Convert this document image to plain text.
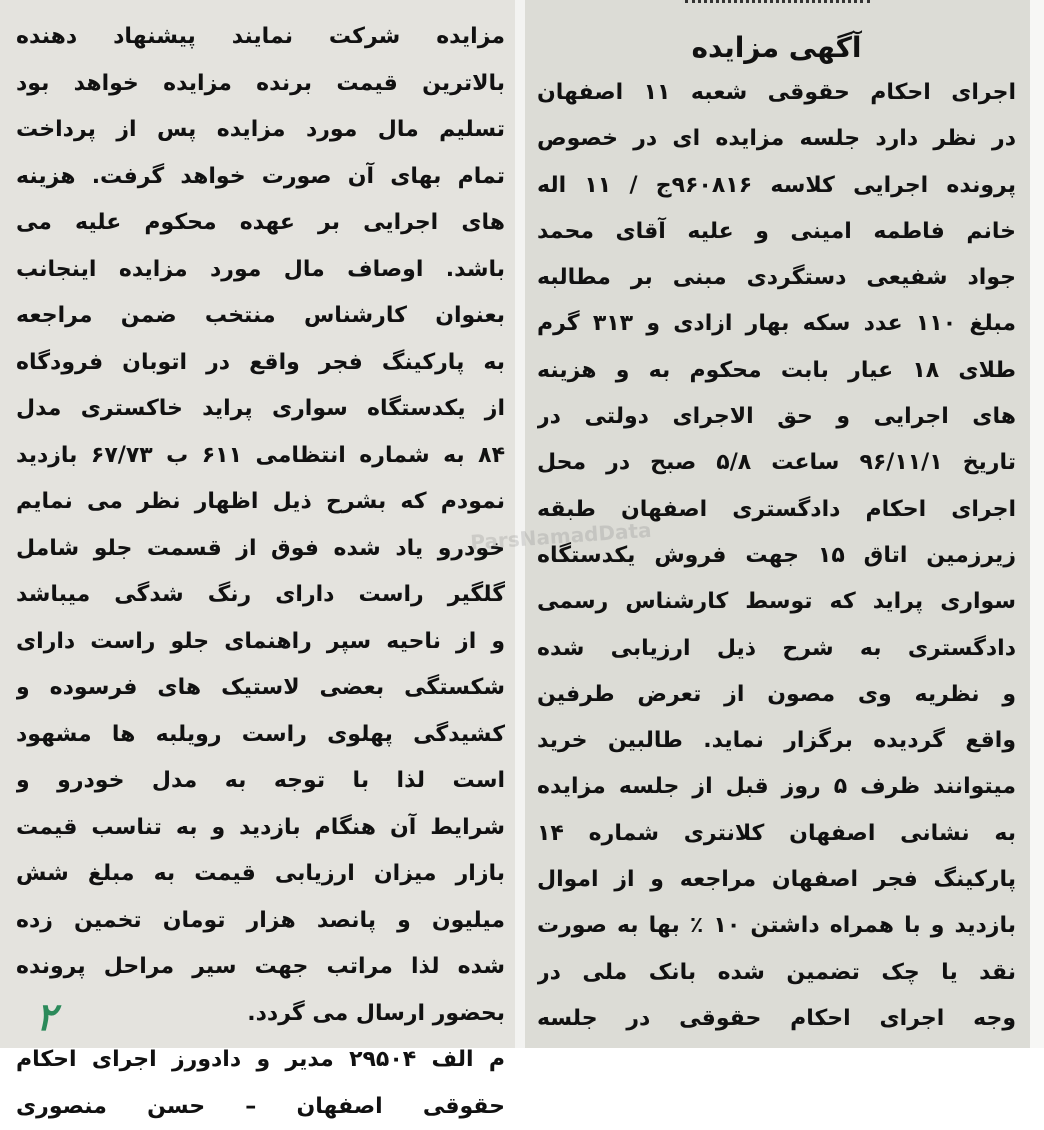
مزایده شرکت نمایند پیشنهاد دهنده
بالاترین قیمت برنده مزایده خواهد بود
تسلیم مال مورد مزایده پس از پرداخت
تمام بهای آن صورت خواهد گرفت. هزینه
های اجرایی بر عهده محکوم علیه می
باشد. اوصاف مال مورد مزایده اینجانب
بعنوان کارشناس منتخب ضمن مراجعه
به پارکینگ فجر واقع در اتوبان فرودگاه
از یکدستگاه سواری پراید خاکستری مدل
۸۴ به شماره انتظامی ۶۱۱ ب ۶۷/۷۳ بازدید
نمودم که بشرح ذیل اظهار نظر می نمایم
خودرو یاد شده فوق از قسمت جلو شامل
گلگیر راست دارای رنگ شدگی میباشد
و از ناحیه سپر راهنمای جلو راست دارای
شکستگی بعضی لاستیک های فرسوده و
کشیدگی پهلوی راست رویلبه ها مشهود
است لذا با توجه به مدل خودرو و
شرایط آن هنگام بازدید و به تناسب قیمت
بازار میزان ارزیابی قیمت به مبلغ شش
میلیون و پانصد هزار تومان تخمین زده
شده لذا مراتب جهت سیر مراحل پرونده
بحضور ارسال می گردد.
م الف ۲۹۵۰۴ مدیر و دادورز اجرای احکام
حقوقی اصفهان – حسن منصوری
آگهی مزایده
اجرای احکام حقوقی شعبه ۱۱ اصفهان
در نظر دارد جلسه مزایده ای در خصوص
پرونده اجرایی کلاسه ۹۶۰۸۱۶ج / ۱۱ اله
خانم فاطمه امینی و علیه آقای محمد
جواد شفیعی دستگردی مبنی بر مطالبه
مبلغ ۱۱۰ عدد سکه بهار ازادی و ۳۱۳ گرم
طلای ۱۸ عیار بابت محکوم به و هزینه
های اجرایی و حق الاجرای دولتی در
تاریخ ۹۶/۱۱/۱ ساعت ۵/۸ صبح در محل
اجرای احکام دادگستری اصفهان طبقه
زیرزمین اتاق ۱۵ جهت فروش یکدستگاه
سواری پراید که توسط کارشناس رسمی
دادگستری به شرح ذیل ارزیابی شده
و نظریه وی مصون از تعرض طرفین
واقع گردیده برگزار نماید. طالبین خرید
میتوانند ظرف ۵ روز قبل از جلسه مزایده
به نشانی اصفهان کلانتری شماره ۱۴
پارکینگ فجر اصفهان مراجعه و از اموال
بازدید و با همراه داشتن ۱۰ ٪ بها به صورت
نقد یا چک تضمین شده بانک ملی در
وجه اجرای احکام حقوقی در جلسه
ParsNamadData
۲
